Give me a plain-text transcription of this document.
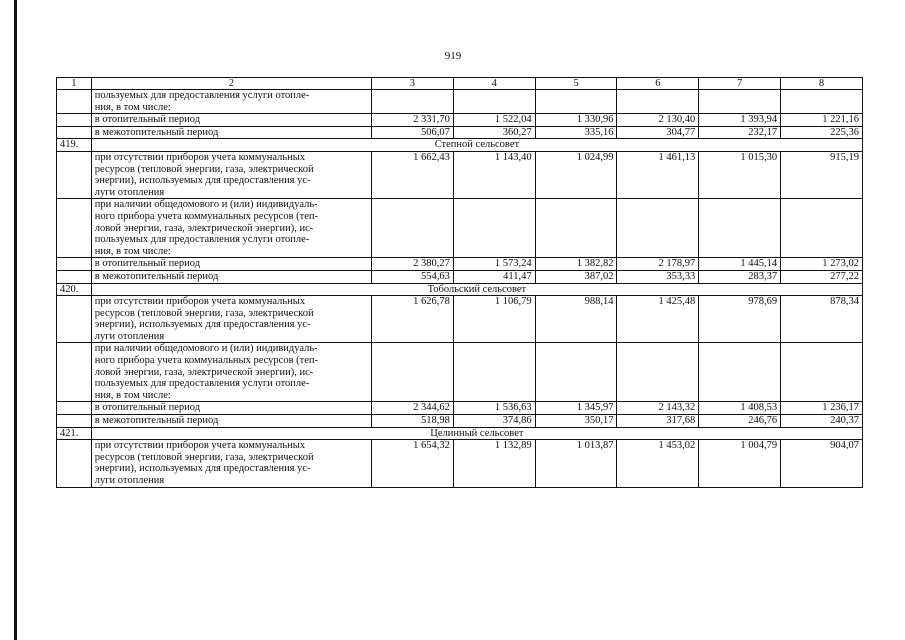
919
1	2	3	4	5	6	7	8
	пользуемых для предоставления услуги отопле-
ния, в том числе:						
	в отопительный период	2 331,70	1 522,04	1 330,96	2 130,40	1 393,94	1 221,16
	в межотопительный период	506,07	360,27	335,16	304,77	232,17	225,36
419.	Степной сельсовет						
	при отсутствии приборов учета коммунальных
ресурсов (тепловой энергии, газа, электрической
энергии), используемых для предоставления ус-
луги отопления	1 662,43	1 143,40	1 024,99	1 461,13	1 015,30	915,19
	при наличии общедомового и (или) индивидуаль-
ного прибора учета коммунальных ресурсов (теп-
ловой энергии, газа, электрической энергии), ис-
пользуемых для предоставления услуги отопле-
ния, в том числе:						
	в отопительный период	2 380,27	1 573,24	1 382,82	2 178,97	1 445,14	1 273,02
	в межотопительный период	554,63	411,47	387,02	353,33	283,37	277,22
420.	Тобольский сельсовет						
	при отсутствии приборов учета коммунальных
ресурсов (тепловой энергии, газа, электрической
энергии), используемых для предоставления ус-
луги отопления	1 626,78	1 106,79	988,14	1 425,48	978,69	878,34
	при наличии общедомового и (или) индивидуаль-
ного прибора учета коммунальных ресурсов (теп-
ловой энергии, газа, электрической энергии), ис-
пользуемых для предоставления услуги отопле-
ния, в том числе:						
	в отопительный период	2 344,62	1 536,63	1 345,97	2 143,32	1 408,53	1 236,17
	в межотопительный период	518,98	374,86	350,17	317,68	246,76	240,37
421.	Целинный сельсовет						
	при отсутствии приборов учета коммунальных
ресурсов (тепловой энергии, газа, электрической
энергии), используемых для предоставления ус-
луги отопления	1 654,32	1 132,89	1 013,87	1 453,02	1 004,79	904,07
